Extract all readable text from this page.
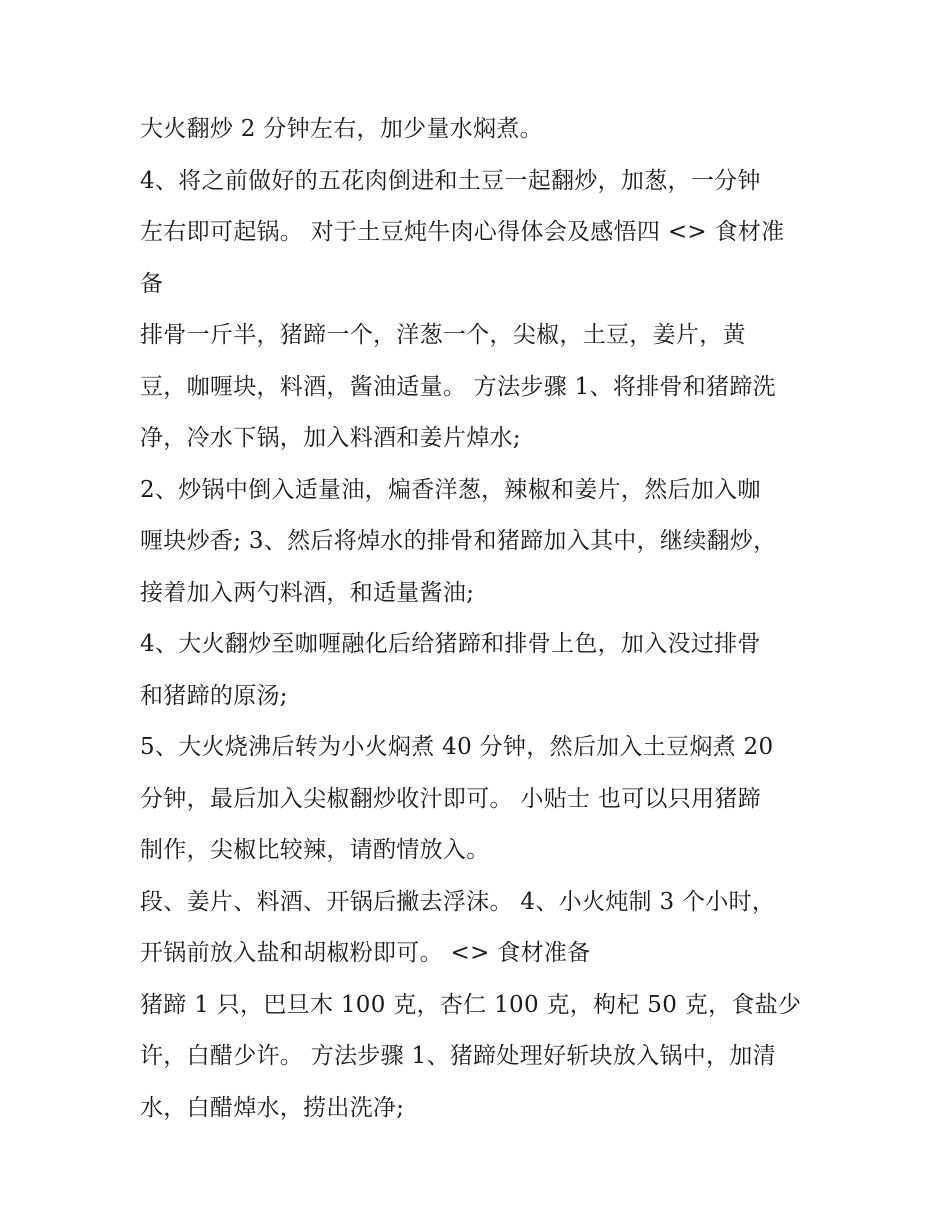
大火翻炒 2 分钟左右，加少量水焖煮。
4、将之前做好的五花肉倒进和土豆一起翻炒，加葱，一分钟
左右即可起锅。 对于土豆炖牛肉心得体会及感悟四 <> 食材准
备
排骨一斤半，猪蹄一个，洋葱一个，尖椒，土豆，姜片，黄
豆，咖喱块，料酒，酱油适量。 方法步骤 1、将排骨和猪蹄洗
净，冷水下锅，加入料酒和姜片焯水;
2、炒锅中倒入适量油，煸香洋葱，辣椒和姜片，然后加入咖
喱块炒香; 3、然后将焯水的排骨和猪蹄加入其中，继续翻炒，
接着加入两勺料酒，和适量酱油;
4、大火翻炒至咖喱融化后给猪蹄和排骨上色，加入没过排骨
和猪蹄的原汤;
5、大火烧沸后转为小火焖煮 40 分钟，然后加入土豆焖煮 20
分钟，最后加入尖椒翻炒收汁即可。 小贴士 也可以只用猪蹄
制作，尖椒比较辣，请酌情放入。
段、姜片、料酒、开锅后撇去浮沫。 4、小火炖制 3 个小时，
开锅前放入盐和胡椒粉即可。 <> 食材准备
猪蹄 1 只，巴旦木 100 克，杏仁 100 克，枸杞 50 克，食盐少
许，白醋少许。 方法步骤 1、猪蹄处理好斩块放入锅中，加清
水，白醋焯水，捞出洗净;
